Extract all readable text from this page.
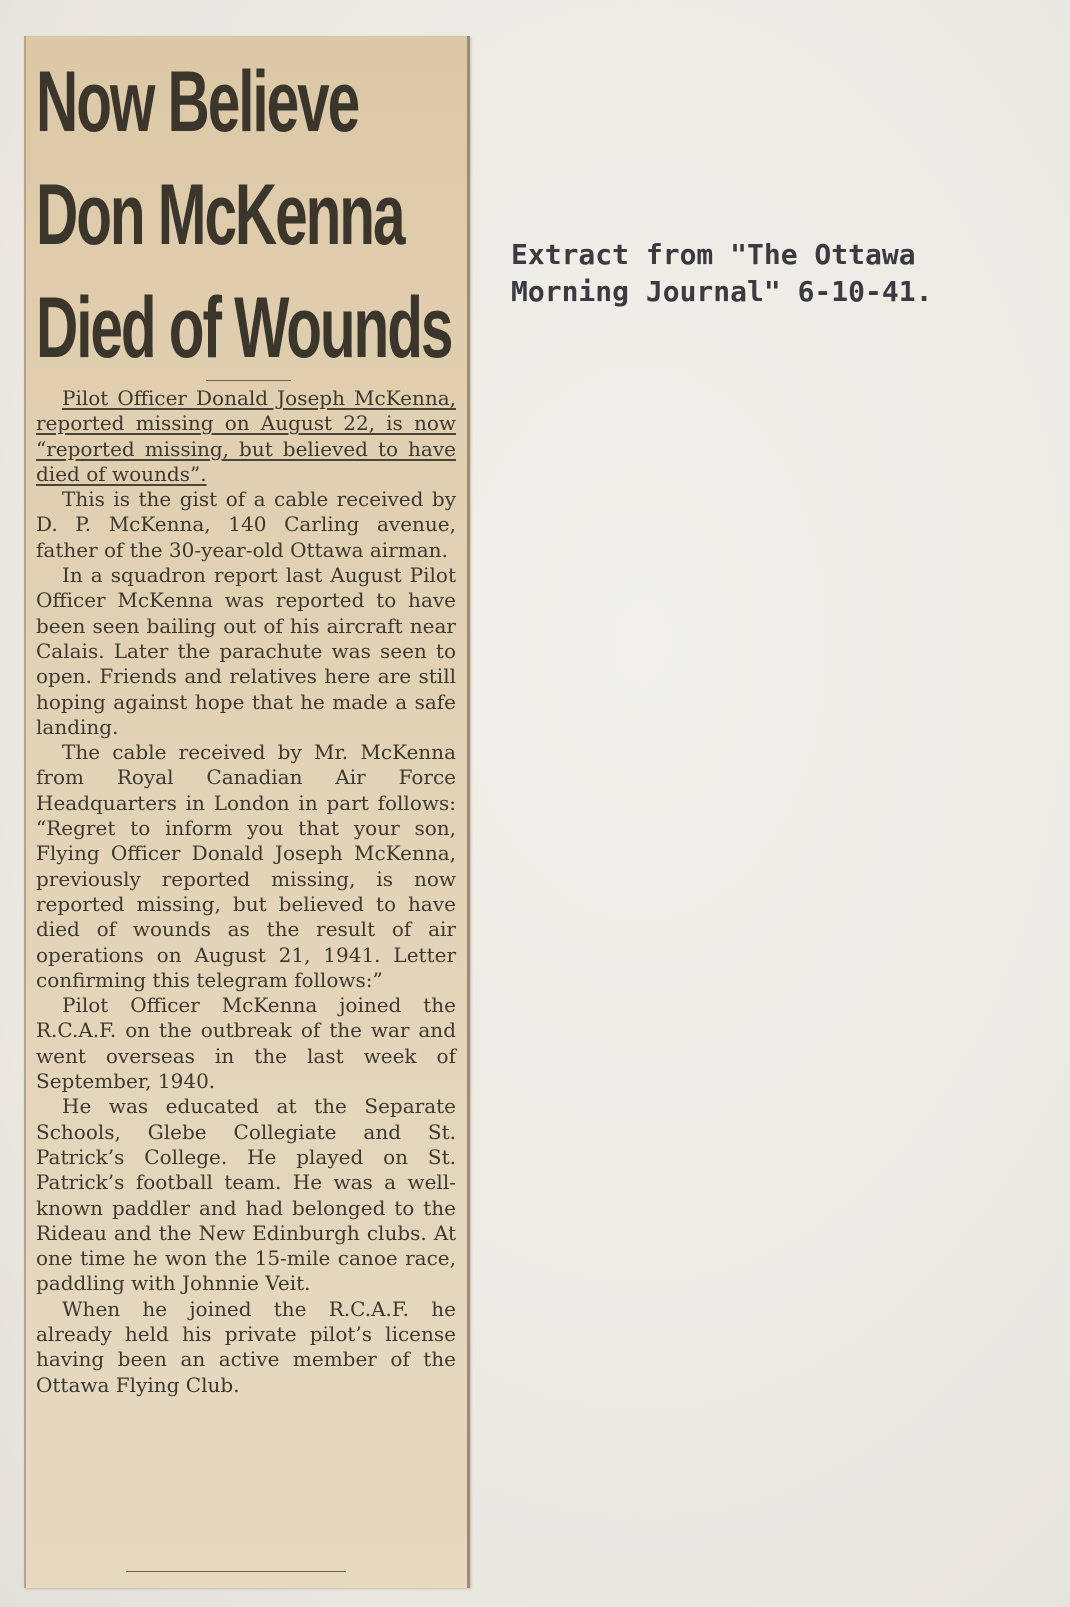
Now Believe
Don McKenna
Died of Wounds

Pilot Officer Donald Joseph McKenna, reported missing on August 22, is now “reported missing, but believed to have died of wounds”.

This is the gist of a cable received by D. P. McKenna, 140 Carling avenue, father of the 30-year-old Ottawa airman.

In a squadron report last August Pilot Officer McKenna was reported to have been seen bailing out of his aircraft near Calais. Later the parachute was seen to open. Friends and relatives here are still hoping against hope that he made a safe landing.

The cable received by Mr. McKenna from Royal Canadian Air Force Headquarters in London in part follows: “Regret to inform you that your son, Flying Officer Donald Joseph McKenna, previously reported missing, is now reported missing, but believed to have died of wounds as the result of air operations on August 21, 1941. Letter confirming this telegram follows:”

Pilot Officer McKenna joined the R.C.A.F. on the outbreak of the war and went overseas in the last week of September, 1940.

He was educated at the Separate Schools, Glebe Collegiate and St. Patrick’s College. He played on St. Patrick’s football team. He was a well-known paddler and had belonged to the Rideau and the New Edinburgh clubs. At one time he won the 15-mile canoe race, paddling with Johnnie Veit.

When he joined the R.C.A.F. he already held his private pilot’s license having been an active member of the Ottawa Flying Club.

Extract from "The Ottawa
Morning Journal" 6-10-41.
